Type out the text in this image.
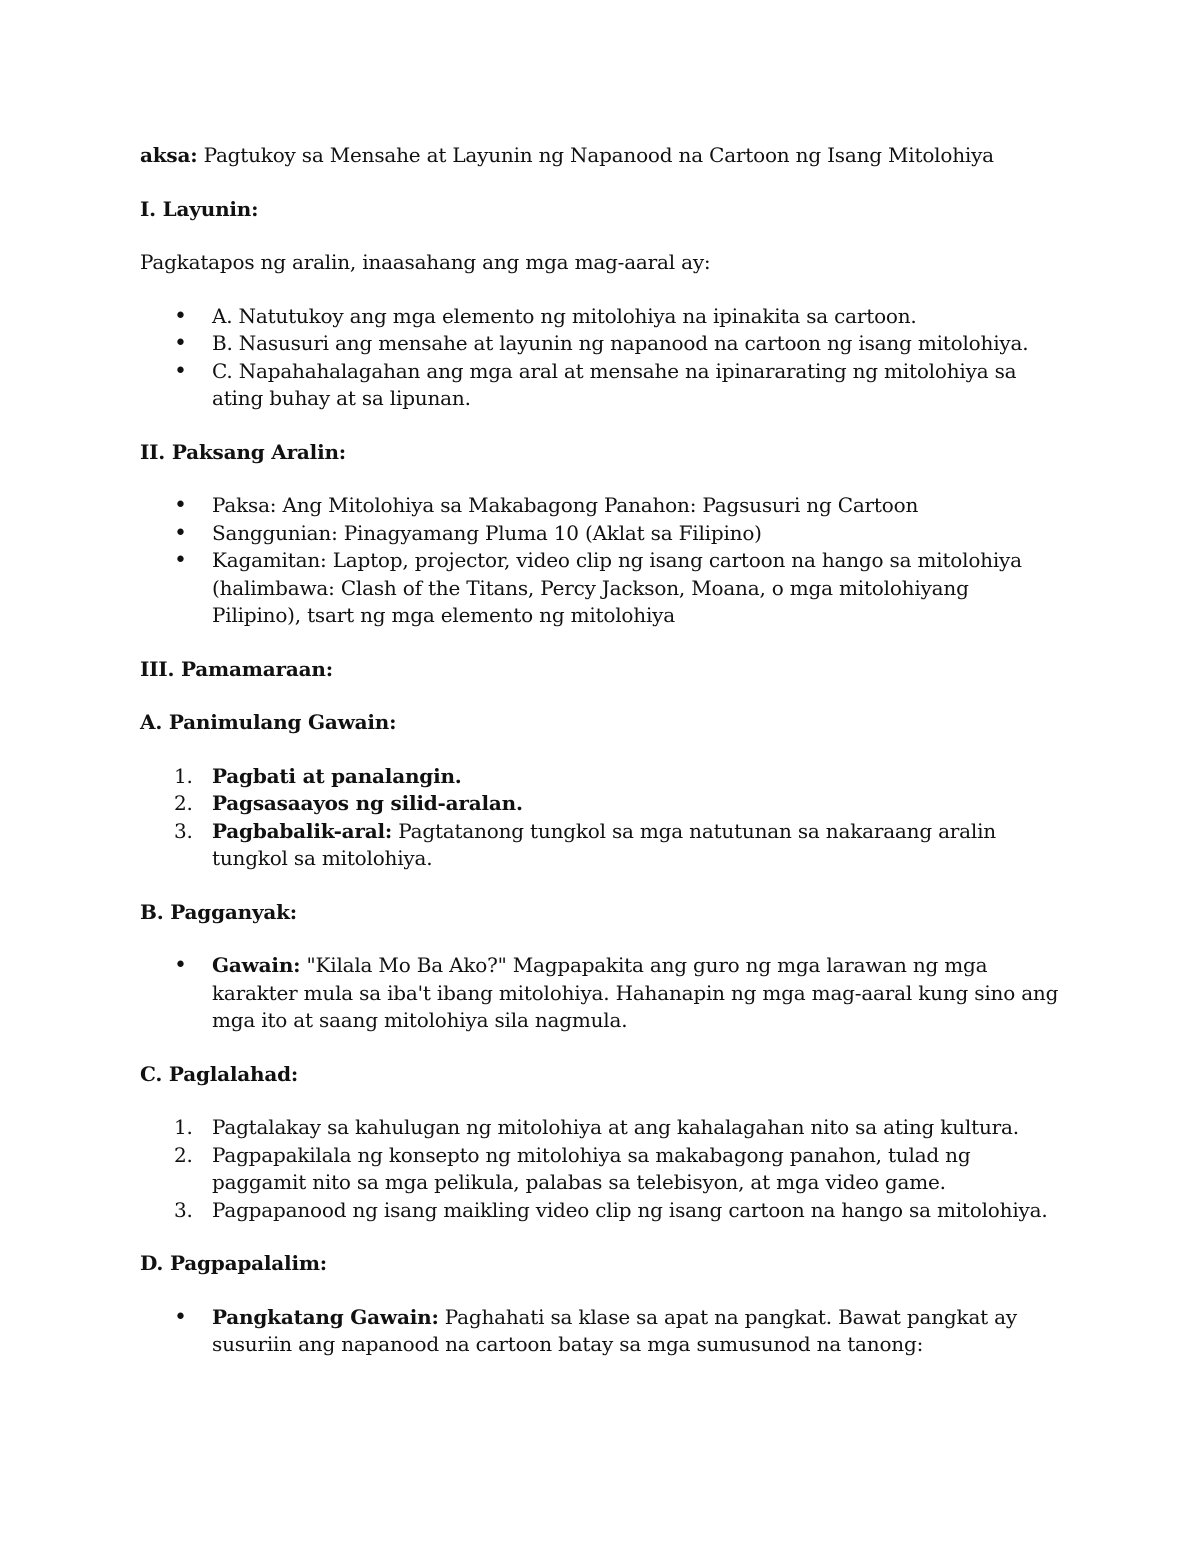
aksa: Pagtukoy sa Mensahe at Layunin ng Napanood na Cartoon ng Isang Mitolohiya

I. Layunin:

Pagkatapos ng aralin, inaasahang ang mga mag-aaral ay:

• A. Natutukoy ang mga elemento ng mitolohiya na ipinakita sa cartoon.
• B. Nasusuri ang mensahe at layunin ng napanood na cartoon ng isang mitolohiya.
• C. Napahahalagahan ang mga aral at mensahe na ipinararating ng mitolohiya sa ating buhay at sa lipunan.

II. Paksang Aralin:

• Paksa: Ang Mitolohiya sa Makabagong Panahon: Pagsusuri ng Cartoon
• Sanggunian: Pinagyamang Pluma 10 (Aklat sa Filipino)
• Kagamitan: Laptop, projector, video clip ng isang cartoon na hango sa mitolohiya (halimbawa: Clash of the Titans, Percy Jackson, Moana, o mga mitolohiyang Pilipino), tsart ng mga elemento ng mitolohiya

III. Pamamaraan:

A. Panimulang Gawain:

1. Pagbati at panalangin.
2. Pagsasaayos ng silid-aralan.
3. Pagbabalik-aral: Pagtatanong tungkol sa mga natutunan sa nakaraang aralin tungkol sa mitolohiya.

B. Pagganyak:

• Gawain: "Kilala Mo Ba Ako?" Magpapakita ang guro ng mga larawan ng mga karakter mula sa iba't ibang mitolohiya. Hahanapin ng mga mag-aaral kung sino ang mga ito at saang mitolohiya sila nagmula.

C. Paglalahad:

1. Pagtalakay sa kahulugan ng mitolohiya at ang kahalagahan nito sa ating kultura.
2. Pagpapakilala ng konsepto ng mitolohiya sa makabagong panahon, tulad ng paggamit nito sa mga pelikula, palabas sa telebisyon, at mga video game.
3. Pagpapanood ng isang maikling video clip ng isang cartoon na hango sa mitolohiya.

D. Pagpapalalim:

• Pangkatang Gawain: Paghahati sa klase sa apat na pangkat. Bawat pangkat ay susuriin ang napanood na cartoon batay sa mga sumusunod na tanong:
